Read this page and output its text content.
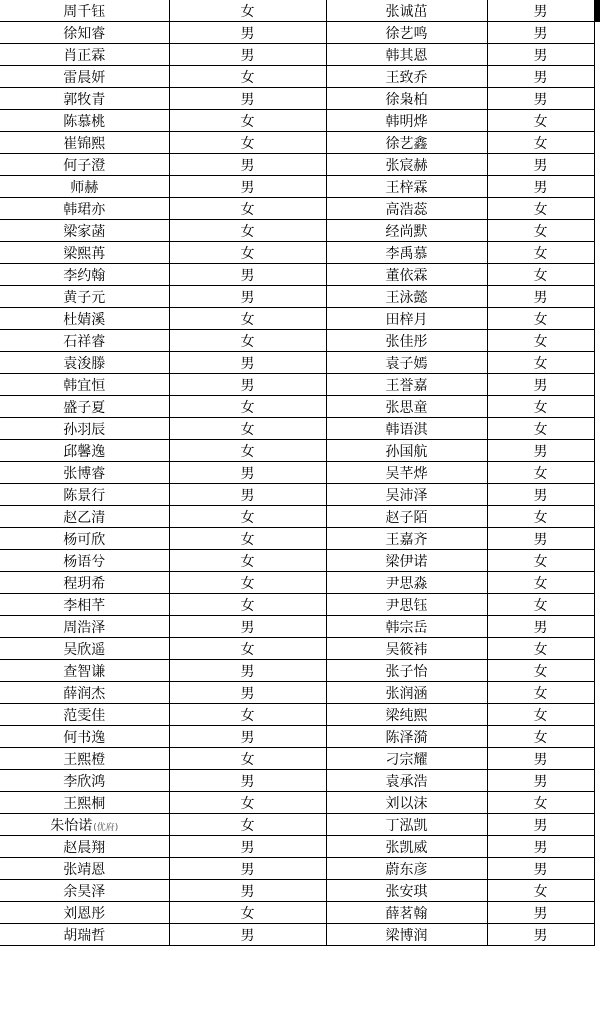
周千钰	女	张诚茁	男
徐知睿	男	徐艺鸣	男
肖正霖	男	韩其恩	男
雷晨妍	女	王致乔	男
郭牧青	男	徐枭柏	男
陈慕桃	女	韩明烨	女
崔锦熙	女	徐艺鑫	女
何子澄	男	张宸赫	男
师赫	男	王梓霖	男
韩珺亦	女	高浩蕊	女
梁家菡	女	经尚默	女
梁熙苒	女	李禹慕	女
李约翰	男	董依霖	女
黄子元	男	王泳懿	男
杜婧溪	女	田梓月	女
石祥睿	女	张佳彤	女
袁浚滕	男	袁子嫣	女
韩宜恒	男	王誉嘉	男
盛子夏	女	张思童	女
孙羽辰	女	韩语淇	女
邱馨逸	女	孙国航	男
张博睿	男	吴芊烨	女
陈景行	男	吴沛泽	男
赵乙清	女	赵子陌	女
杨可欣	女	王嘉齐	男
杨语兮	女	梁伊诺	女
程玥希	女	尹思淼	女
李相芊	女	尹思钰	女
周浩泽	男	韩宗岳	男
吴欣遥	女	吴筱袆	女
查智谦	男	张子怡	女
薛润杰	男	张润涵	女
范雯佳	女	梁纯熙	女
何书逸	男	陈泽漪	女
王熙橙	女	刁宗耀	男
李欣鸿	男	袁承浩	男
王熙桐	女	刘以沫	女
朱怡诺(优府)	女	丁泓凯	男
赵晨翔	男	张凯威	男
张靖恩	男	蔚东彦	男
余昊泽	男	张安琪	女
刘恩彤	女	薛茗翰	男
胡瑞哲	男	梁博润	男
